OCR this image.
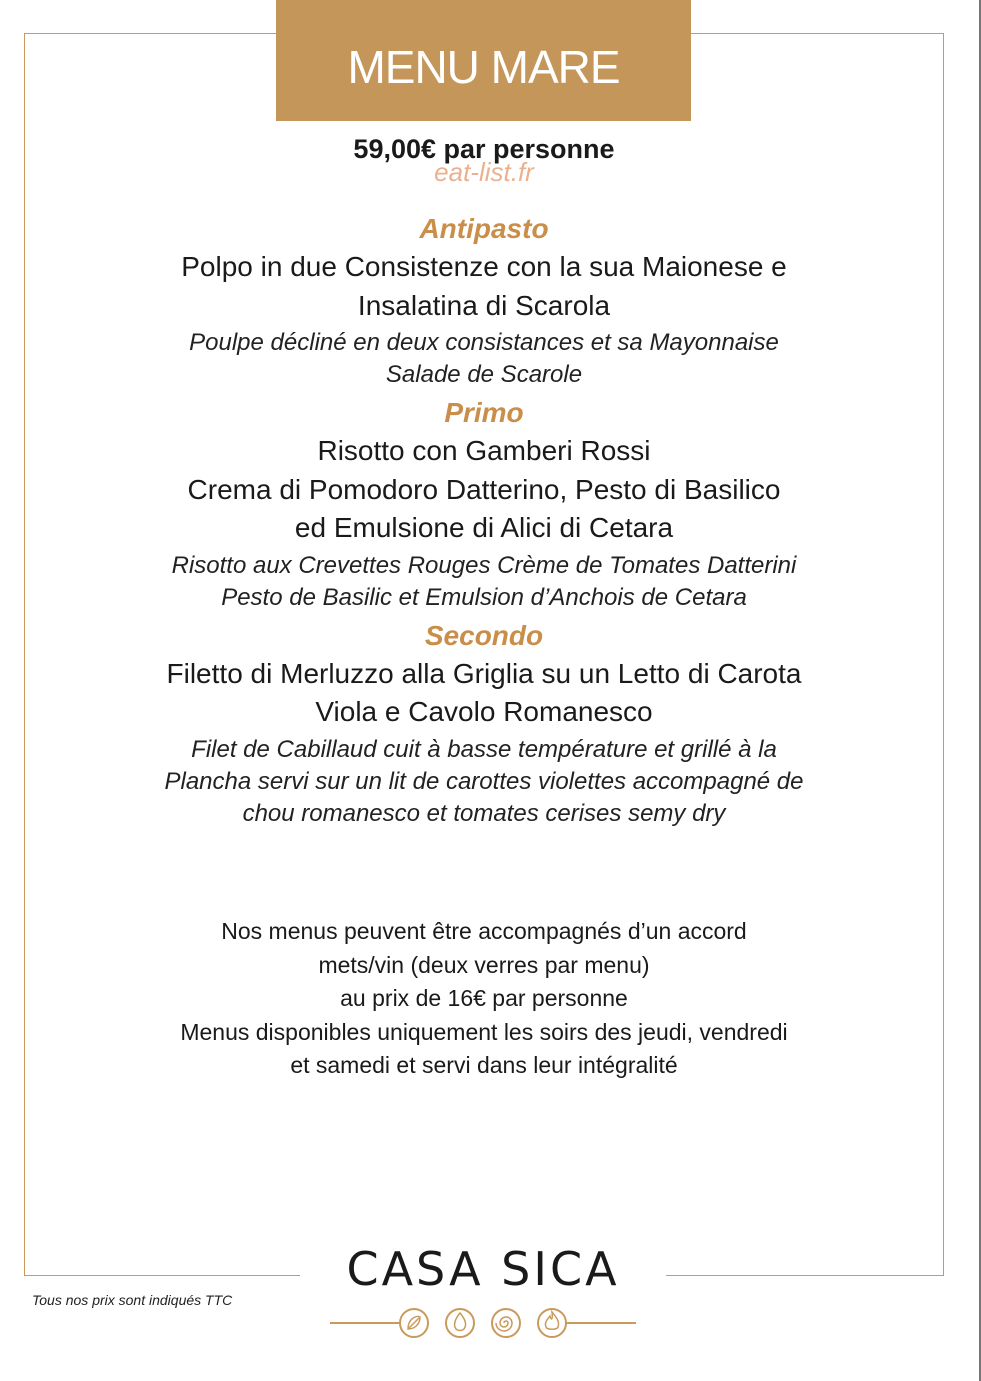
MENU MARE
59,00€ par personne
eat-list.fr

Antipasto

Polpo in due Consistenze con la sua Maionese e

Insalatina di Scarola

Poulpe décliné en deux consistances et sa Mayonnaise

Salade de Scarole

Primo

Risotto con Gamberi Rossi

Crema di Pomodoro Datterino, Pesto di Basilico

ed Emulsione di Alici di Cetara

Risotto aux Crevettes Rouges Crème de Tomates Datterini

Pesto de Basilic et Emulsion d’Anchois de Cetara

Secondo

Filetto di Merluzzo alla Griglia su un Letto di Carota

Viola e Cavolo Romanesco

Filet de Cabillaud cuit à basse température et grillé à la

Plancha servi sur un lit de carottes violettes accompagné de

chou romanesco et tomates cerises semy dry

Nos menus peuvent être accompagnés d’un accord
mets/vin (deux verres par menu)
au prix de 16€ par personne
Menus disponibles uniquement les soirs des jeudi, vendredi
et samedi et servi dans leur intégralité
Tous nos prix sont indiqués TTC
CASA SICA
